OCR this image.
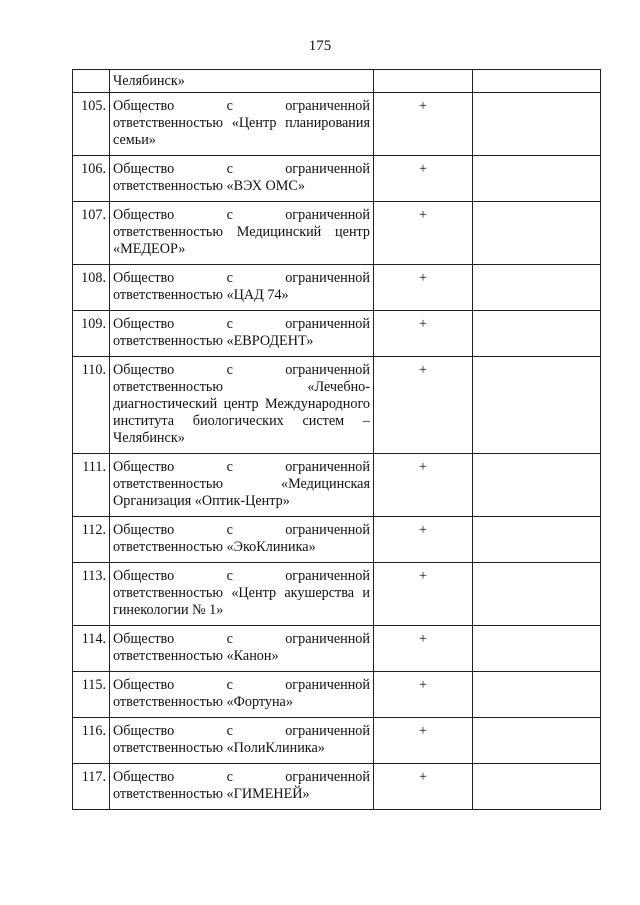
175
	Челябинск»		
105.	Общество с ограниченной ответственностью «Центр планирования семьи»	+	
106.	Общество с ограниченной ответственностью «ВЭХ ОМС»	+	
107.	Общество с ограниченной ответственностью Медицинский центр «МЕДЕОР»	+	
108.	Общество с ограниченной ответственностью «ЦАД 74»	+	
109.	Общество с ограниченной ответственностью «ЕВРОДЕНТ»	+	
110.	Общество с ограниченной ответственностью «Лечебно-диагностический центр Международного института биологических систем – Челябинск»	+	
111.	Общество с ограниченной ответственностью «Медицинская Организация «Оптик-Центр»	+	
112.	Общество с ограниченной ответственностью «ЭкоКлиника»	+	
113.	Общество с ограниченной ответственностью «Центр акушерства и гинекологии № 1»	+	
114.	Общество с ограниченной ответственностью «Канон»	+	
115.	Общество с ограниченной ответственностью «Фортуна»	+	
116.	Общество с ограниченной ответственностью «ПолиКлиника»	+	
117.	Общество с ограниченной ответственностью «ГИМЕНЕЙ»	+	
